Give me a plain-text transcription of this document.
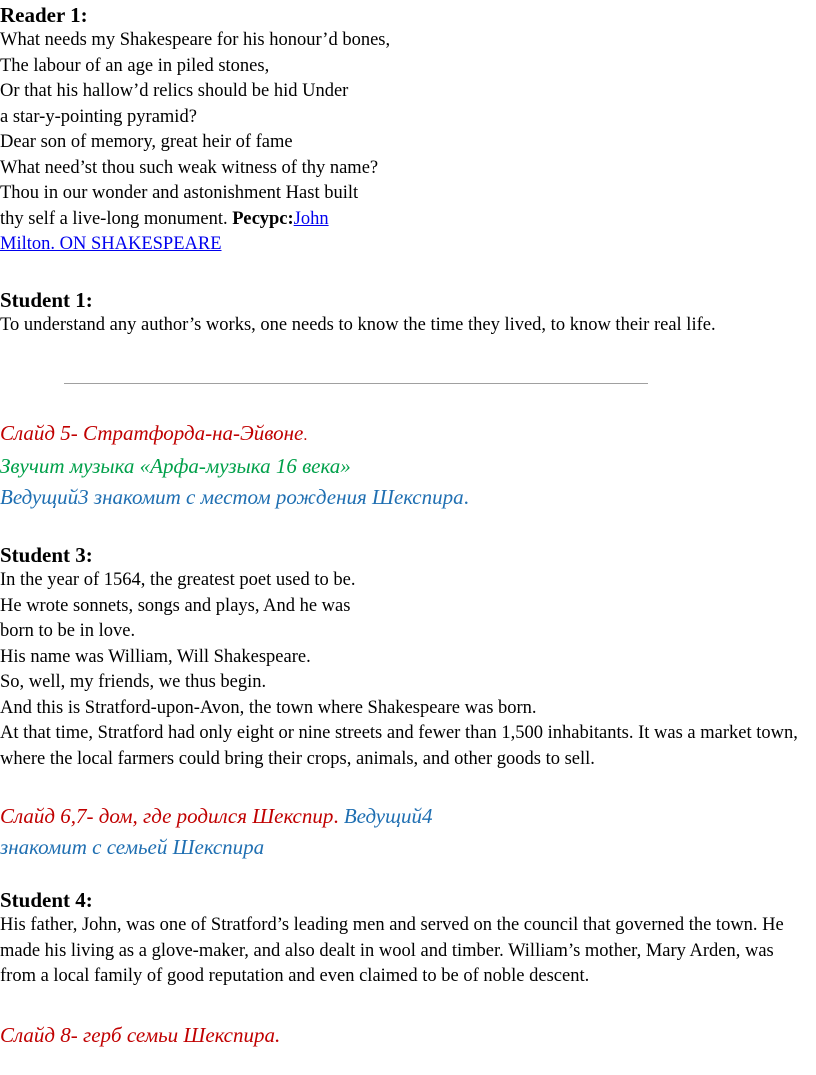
Reader 1:

What needs my Shakespeare for his honour’d bones,

The labour of an age in piled stones,

Or that his hallow’d relics should be hid Under

a star-y-pointing pyramid?

Dear son of memory, great heir of fame

What need’st thou such weak witness of thy name?

Thou in our wonder and astonishment Hast built

thy self a live-long monument. Ресурс:John

Milton. ON SHAKESPEARE

Student 1:

To understand any author’s works, one needs to know the time they lived, to know their real life.

Слайд 5- Стратфорда-на-Эйвоне.

Звучит музыка «Арфа-музыка 16 века»

Ведущий3 знакомит с местом рождения Шекспира.

Student 3:

In the year of 1564, the greatest poet used to be.

He wrote sonnets, songs and plays, And he was

born to be in love.

His name was William, Will Shakespeare.

So, well, my friends, we thus begin.

And this is Stratford-upon-Avon, the town where Shakespeare was born.

At that time, Stratford had only eight or nine streets and fewer than 1,500 inhabitants. It was a market town, where the local farmers could bring their crops, animals, and other goods to sell.

Слайд 6,7- дом, где родился Шекспир. Ведущий4

знакомит с семьей Шекспира

Student 4:

His father, John, was one of Stratford’s leading men and served on the council that governed the town. He made his living as a glove-maker, and also dealt in wool and timber. William’s mother, Mary Arden, was from a local family of good reputation and even claimed to be of noble descent.

Слайд 8- герб семьи Шекспира.
